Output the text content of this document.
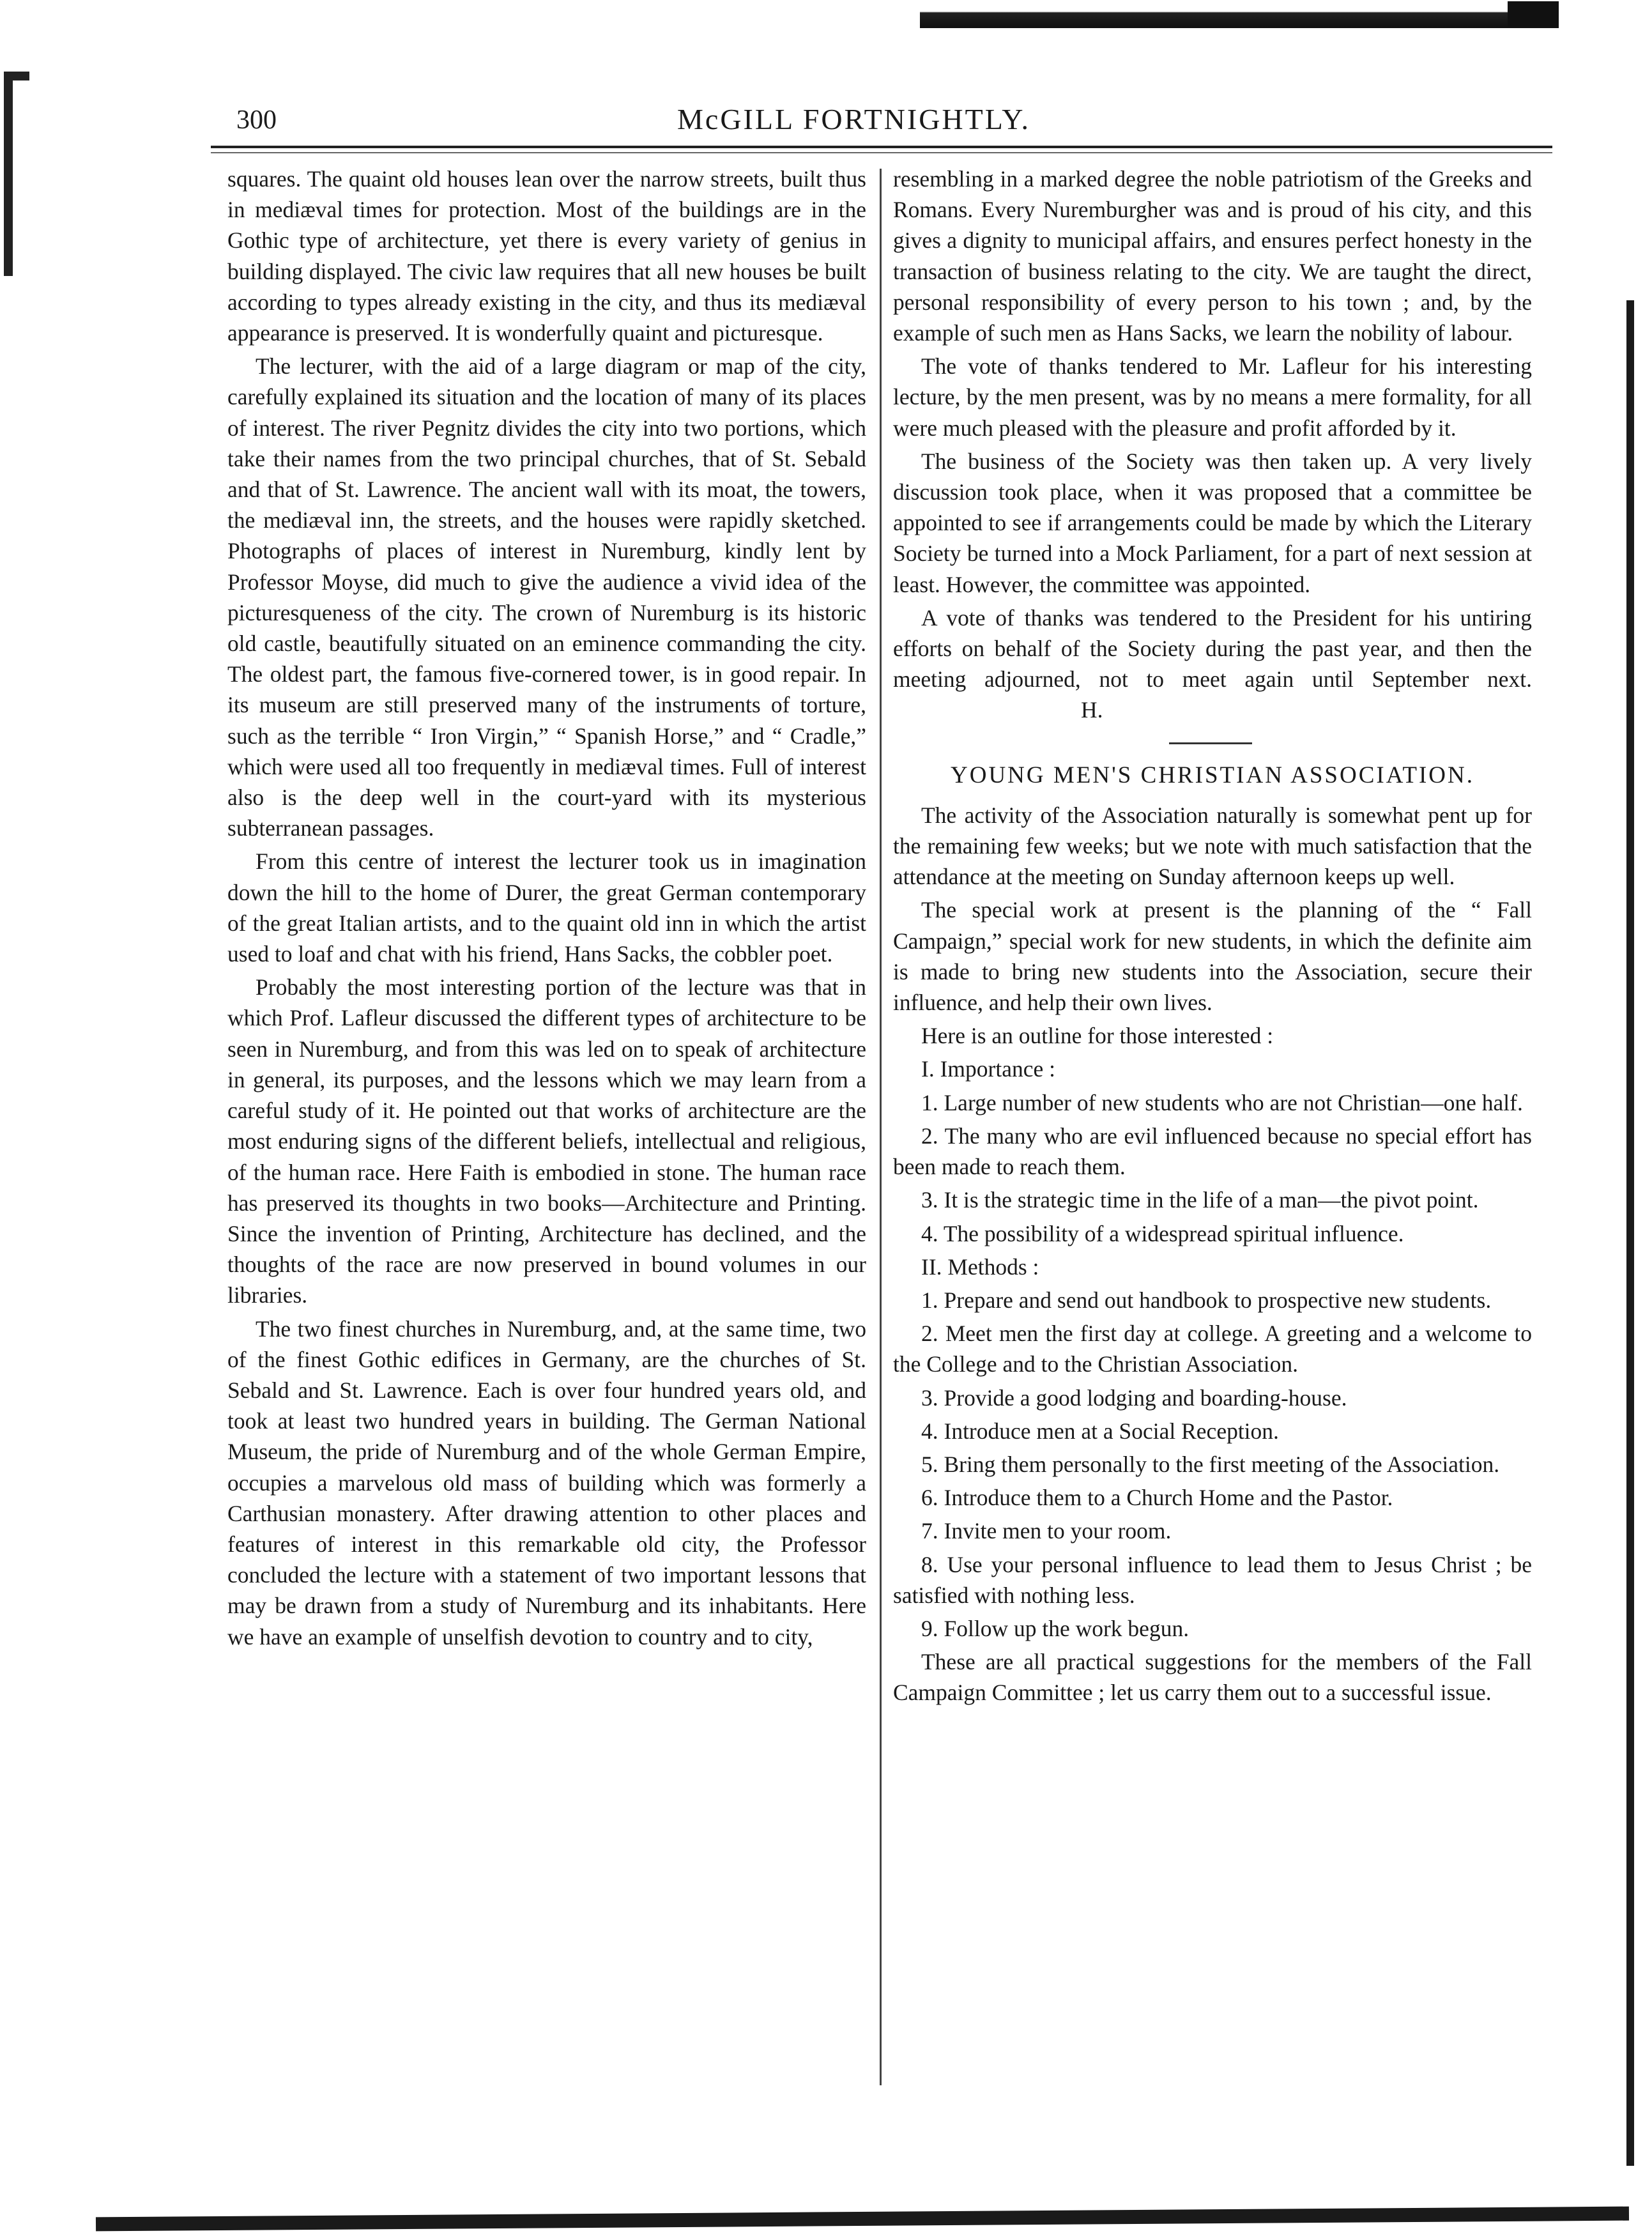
300	McGILL FORTNIGHTLY.

squares. The quaint old houses lean over the narrow streets, built thus in mediæval times for protection. Most of the buildings are in the Gothic type of architecture, yet there is every variety of genius in building displayed. The civic law requires that all new houses be built according to types already existing in the city, and thus its mediæval appearance is preserved. It is wonderfully quaint and picturesque.

The lecturer, with the aid of a large diagram or map of the city, carefully explained its situation and the location of many of its places of interest. The river Pegnitz divides the city into two portions, which take their names from the two principal churches, that of St. Sebald and that of St. Lawrence. The ancient wall with its moat, the towers, the mediæval inn, the streets, and the houses were rapidly sketched. Photographs of places of interest in Nuremburg, kindly lent by Professor Moyse, did much to give the audience a vivid idea of the picturesqueness of the city. The crown of Nuremburg is its historic old castle, beautifully situated on an eminence commanding the city. The oldest part, the famous five-cornered tower, is in good repair. In its museum are still preserved many of the instruments of torture, such as the terrible “ Iron Virgin,” “ Spanish Horse,” and “ Cradle,” which were used all too frequently in mediæval times. Full of interest also is the deep well in the court-yard with its mysterious subterranean passages.

From this centre of interest the lecturer took us in imagination down the hill to the home of Durer, the great German contemporary of the great Italian artists, and to the quaint old inn in which the artist used to loaf and chat with his friend, Hans Sacks, the cobbler poet.

Probably the most interesting portion of the lecture was that in which Prof. Lafleur discussed the different types of architecture to be seen in Nuremburg, and from this was led on to speak of architecture in general, its purposes, and the lessons which we may learn from a careful study of it. He pointed out that works of architecture are the most enduring signs of the different beliefs, intellectual and religious, of the human race. Here Faith is embodied in stone. The human race has preserved its thoughts in two books—Architecture and Printing. Since the invention of Printing, Architecture has declined, and the thoughts of the race are now preserved in bound volumes in our libraries.

The two finest churches in Nuremburg, and, at the same time, two of the finest Gothic edifices in Germany, are the churches of St. Sebald and St. Lawrence. Each is over four hundred years old, and took at least two hundred years in building. The German National Museum, the pride of Nuremburg and of the whole German Empire, occupies a marvelous old mass of building which was formerly a Carthusian monastery. After drawing attention to other places and features of interest in this remarkable old city, the Professor concluded the lecture with a statement of two important lessons that may be drawn from a study of Nuremburg and its inhabitants. Here we have an example of unselfish devotion to country and to city,

resembling in a marked degree the noble patriotism of the Greeks and Romans. Every Nuremburgher was and is proud of his city, and this gives a dignity to municipal affairs, and ensures perfect honesty in the transaction of business relating to the city. We are taught the direct, personal responsibility of every person to his town ; and, by the example of such men as Hans Sacks, we learn the nobility of labour.

The vote of thanks tendered to Mr. Lafleur for his interesting lecture, by the men present, was by no means a mere formality, for all were much pleased with the pleasure and profit afforded by it.

The business of the Society was then taken up. A very lively discussion took place, when it was proposed that a committee be appointed to see if arrangements could be made by which the Literary Society be turned into a Mock Parliament, for a part of next session at least. However, the committee was appointed.

A vote of thanks was tendered to the President for his untiring efforts on behalf of the Society during the past year, and then the meeting adjourned, not to meet again until September next.H.

YOUNG MEN'S CHRISTIAN ASSOCIATION.

The activity of the Association naturally is somewhat pent up for the remaining few weeks; but we note with much satisfaction that the attendance at the meeting on Sunday afternoon keeps up well.

The special work at present is the planning of the “ Fall Campaign,” special work for new students, in which the definite aim is made to bring new students into the Association, secure their influence, and help their own lives.

Here is an outline for those interested :

I. Importance :

1. Large number of new students who are not Christian—one half.

2. The many who are evil influenced because no special effort has been made to reach them.

3. It is the strategic time in the life of a man—the pivot point.

4. The possibility of a widespread spiritual influence.

II. Methods :

1. Prepare and send out handbook to prospective new students.

2. Meet men the first day at college. A greeting and a welcome to the College and to the Christian Association.

3. Provide a good lodging and boarding-house.

4. Introduce men at a Social Reception.

5. Bring them personally to the first meeting of the Association.

6. Introduce them to a Church Home and the Pastor.

7. Invite men to your room.

8. Use your personal influence to lead them to Jesus Christ ; be satisfied with nothing less.

9. Follow up the work begun.

These are all practical suggestions for the members of the Fall Campaign Committee ; let us carry them out to a successful issue.
